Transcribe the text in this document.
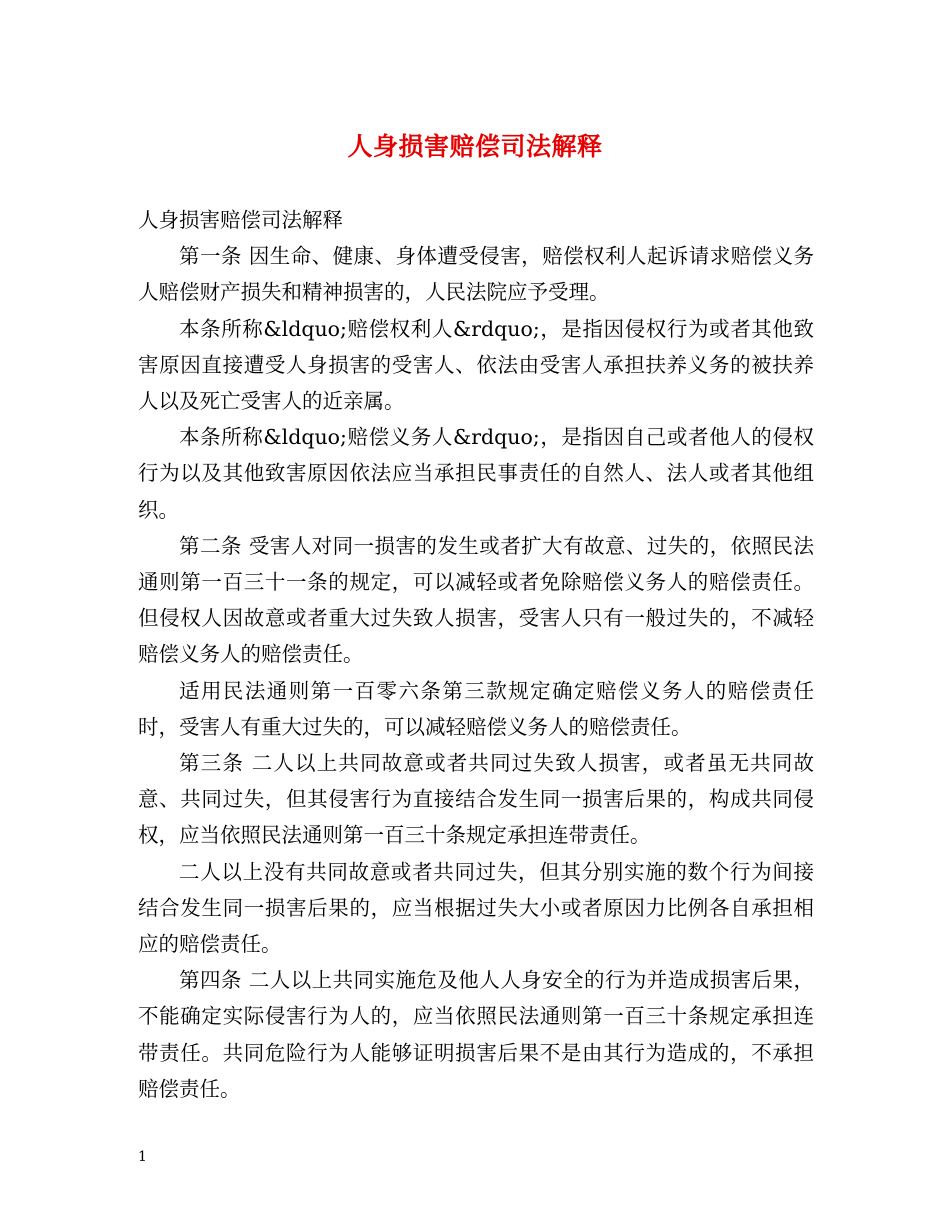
人身损害赔偿司法解释

人身损害赔偿司法解释

第一条 因生命、健康、身体遭受侵害，赔偿权利人起诉请求赔偿义务人赔偿财产损失和精神损害的，人民法院应予受理。

本条所称&ldquo;赔偿权利人&rdquo;，是指因侵权行为或者其他致害原因直接遭受人身损害的受害人、依法由受害人承担扶养义务的被扶养人以及死亡受害人的近亲属。

本条所称&ldquo;赔偿义务人&rdquo;，是指因自己或者他人的侵权行为以及其他致害原因依法应当承担民事责任的自然人、法人或者其他组织。

第二条 受害人对同一损害的发生或者扩大有故意、过失的，依照民法通则第一百三十一条的规定，可以减轻或者免除赔偿义务人的赔偿责任。但侵权人因故意或者重大过失致人损害，受害人只有一般过失的，不减轻赔偿义务人的赔偿责任。

适用民法通则第一百零六条第三款规定确定赔偿义务人的赔偿责任时，受害人有重大过失的，可以减轻赔偿义务人的赔偿责任。

第三条 二人以上共同故意或者共同过失致人损害，或者虽无共同故意、共同过失，但其侵害行为直接结合发生同一损害后果的，构成共同侵权，应当依照民法通则第一百三十条规定承担连带责任。

二人以上没有共同故意或者共同过失，但其分别实施的数个行为间接结合发生同一损害后果的，应当根据过失大小或者原因力比例各自承担相应的赔偿责任。

第四条 二人以上共同实施危及他人人身安全的行为并造成损害后果，不能确定实际侵害行为人的，应当依照民法通则第一百三十条规定承担连带责任。共同危险行为人能够证明损害后果不是由其行为造成的，不承担赔偿责任。

1
